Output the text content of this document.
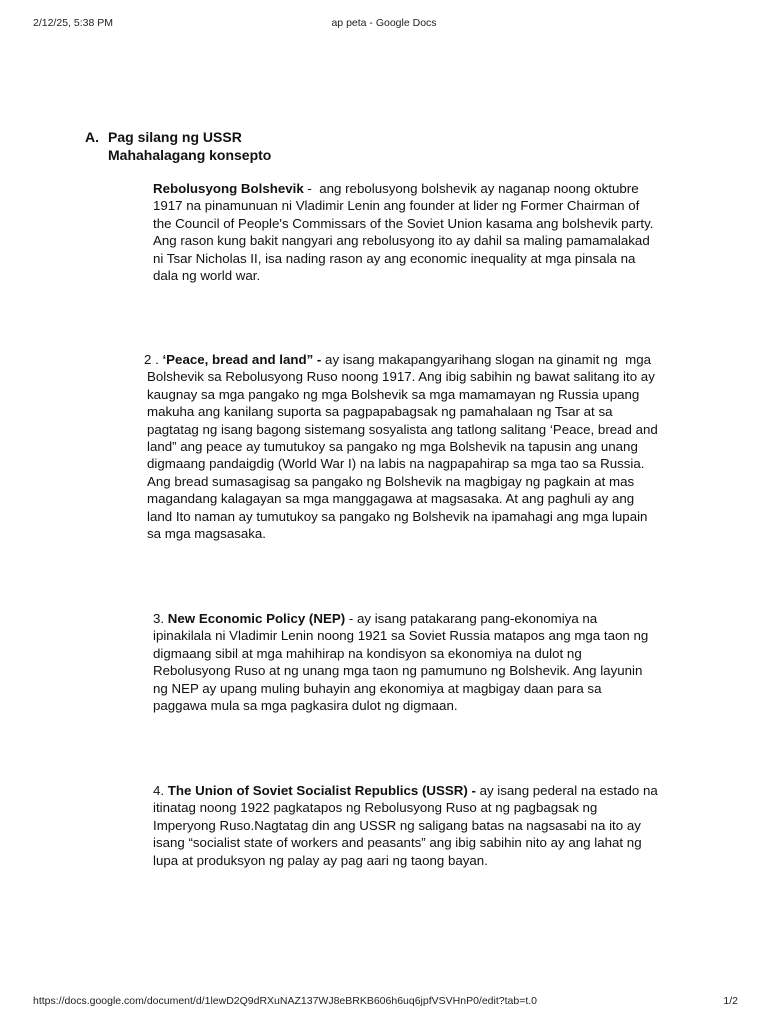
2/12/25, 5:38 PM	ap peta - Google Docs
A. Pag silang ng USSR
Mahahalagang konsepto
Rebolusyong Bolshevik -  ang rebolusyong bolshevik ay naganap noong oktubre
1917 na pinamunuan ni Vladimir Lenin ang founder at lider ng Former Chairman of
the Council of People's Commissars of the Soviet Union kasama ang bolshevik party.
Ang rason kung bakit nangyari ang rebolusyong ito ay dahil sa maling pamamalakad
ni Tsar Nicholas II, isa nading rason ay ang economic inequality at mga pinsala na
dala ng world war.
2 . ‘Peace, bread and land” - ay isang makapangyarihang slogan na ginamit ng  mga
Bolshevik sa Rebolusyong Ruso noong 1917. Ang ibig sabihin ng bawat salitang ito ay
kaugnay sa mga pangako ng mga Bolshevik sa mga mamamayan ng Russia upang
makuha ang kanilang suporta sa pagpapabagsak ng pamahalaan ng Tsar at sa
pagtatag ng isang bagong sistemang sosyalista ang tatlong salitang ‘Peace, bread and
land” ang peace ay tumutukoy sa pangako ng mga Bolshevik na tapusin ang unang
digmaang pandaigdig (World War I) na labis na nagpapahirap sa mga tao sa Russia.
Ang bread sumasagisag sa pangako ng Bolshevik na magbigay ng pagkain at mas
magandang kalagayan sa mga manggagawa at magsasaka. At ang paghuli ay ang
land Ito naman ay tumutukoy sa pangako ng Bolshevik na ipamahagi ang mga lupain
sa mga magsasaka.
3. New Economic Policy (NEP) - ay isang patakarang pang-ekonomiya na
ipinakilala ni Vladimir Lenin noong 1921 sa Soviet Russia matapos ang mga taon ng
digmaang sibil at mga mahihirap na kondisyon sa ekonomiya na dulot ng
Rebolusyong Ruso at ng unang mga taon ng pamumuno ng Bolshevik. Ang layunin
ng NEP ay upang muling buhayin ang ekonomiya at magbigay daan para sa
paggawa mula sa mga pagkasira dulot ng digmaan.
4. The Union of Soviet Socialist Republics (USSR) - ay isang pederal na estado na
itinatag noong 1922 pagkatapos ng Rebolusyong Ruso at ng pagbagsak ng
Imperyong Ruso.Nagtatag din ang USSR ng saligang batas na nagsasabi na ito ay
isang “socialist state of workers and peasants” ang ibig sabihin nito ay ang lahat ng
lupa at produksyon ng palay ay pag aari ng taong bayan.
https://docs.google.com/document/d/1lewD2Q9dRXuNAZ137WJ8eBRKB606h6uq6jpfVSVHnP0/edit?tab=t.0	1/2
